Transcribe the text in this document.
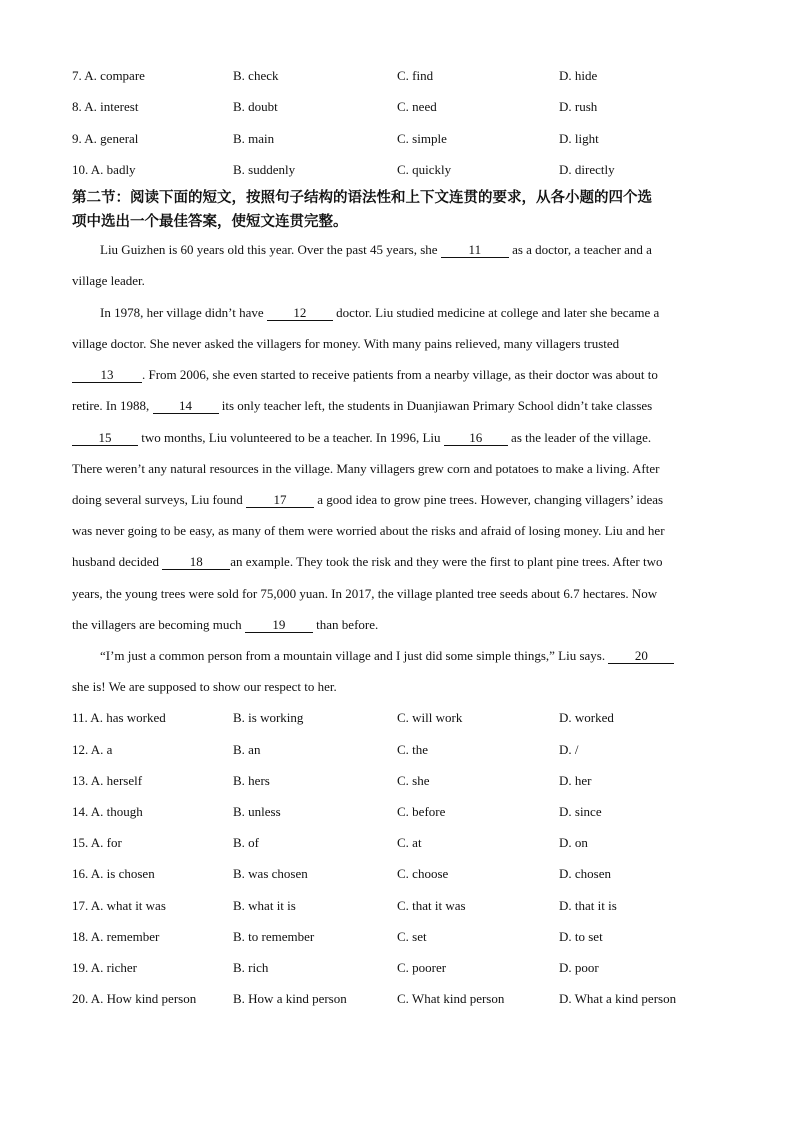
7. A. compare	B. check	C. find	D. hide
8. A. interest	B. doubt	C. need	D. rush
9. A. general	B. main	C. simple	D. light
10. A. badly	B. suddenly	C. quickly	D. directly
第二节：阅读下面的短文，按照句子结构的语法性和上下文连贯的要求，从各小题的四个选
项中选出一个最佳答案，使短文连贯完整。
Liu Guizhen is 60 years old this year. Over the past 45 years, she 11 as a doctor, a teacher and a
village leader.
In 1978, her village didn’t have 12 doctor. Liu studied medicine at college and later she became a
village doctor. She never asked the villagers for money. With many pains relieved, many villagers trusted
13 . From 2006, she even started to receive patients from a nearby village, as their doctor was about to
retire. In 1988, 14 its only teacher left, the students in Duanjiawan Primary School didn’t take classes
15 two months, Liu volunteered to be a teacher. In 1996, Liu 16 as the leader of the village.
There weren’t any natural resources in the village. Many villagers grew corn and potatoes to make a living. After
doing several surveys, Liu found 17 a good idea to grow pine trees. However, changing villagers’ ideas
was never going to be easy, as many of them were worried about the risks and afraid of losing money. Liu and her
husband decided 18 an example. They took the risk and they were the first to plant pine trees. After two
years, the young trees were sold for 75,000 yuan. In 2017, the village planted tree seeds about 6.7 hectares. Now
the villagers are becoming much 19 than before.
“I’m just a common person from a mountain village and I just did some simple things,” Liu says. 20
she is! We are supposed to show our respect to her.
11. A. has worked	B. is working	C. will work	D. worked
12. A. a	B. an	C. the	D. /
13. A. herself	B. hers	C. she	D. her
14. A. though	B. unless	C. before	D. since
15. A. for	B. of	C. at	D. on
16. A. is chosen	B. was chosen	C. choose	D. chosen
17. A. what it was	B. what it is	C. that it was	D. that it is
18. A. remember	B. to remember	C. set	D. to set
19. A. richer	B. rich	C. poorer	D. poor
20. A. How kind person	B. How a kind person	C. What kind person	D. What a kind person
